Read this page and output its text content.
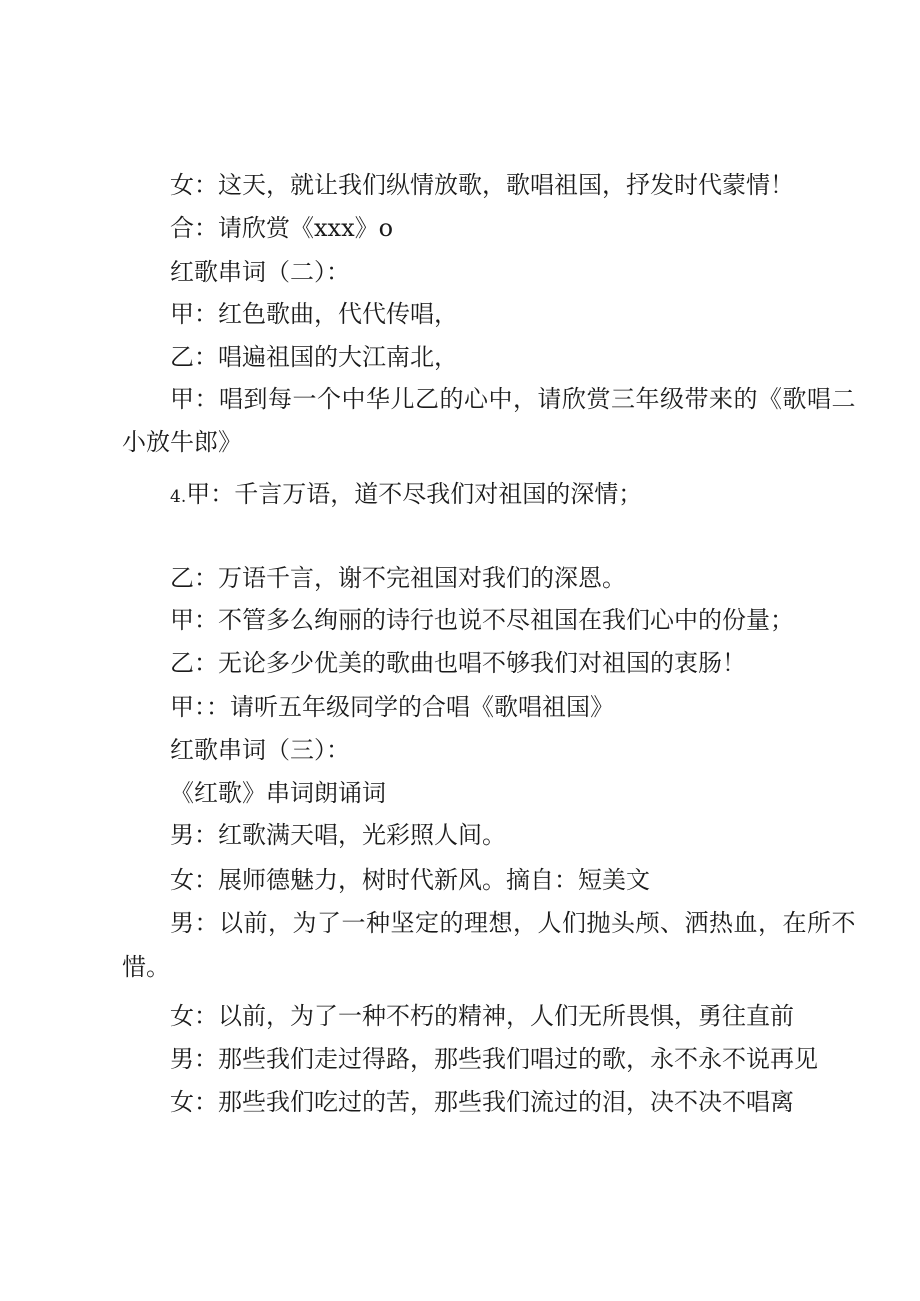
女：这天，就让我们纵情放歌，歌唱祖国，抒发时代蒙情！
合：请欣赏《xxx》o
红歌串词（二）：
甲：红色歌曲，代代传唱，
乙：唱遍祖国的大江南北，
甲：唱到每一个中华儿乙的心中，请欣赏三年级带来的《歌唱二
小放牛郎》
4.甲：千言万语，道不尽我们对祖国的深情；
乙：万语千言，谢不完祖国对我们的深恩。
甲：不管多么绚丽的诗行也说不尽祖国在我们心中的份量；
乙：无论多少优美的歌曲也唱不够我们对祖国的衷肠！
甲：：请听五年级同学的合唱《歌唱祖国》
红歌串词（三）：
《红歌》串词朗诵词
男：红歌满天唱，光彩照人间。
女：展师德魅力，树时代新风。摘自：短美文
男：以前，为了一种坚定的理想，人们抛头颅、洒热血，在所不
惜。
女：以前，为了一种不朽的精神，人们无所畏惧，勇往直前
男：那些我们走过得路，那些我们唱过的歌，永不永不说再见
女：那些我们吃过的苦，那些我们流过的泪，决不决不唱离
